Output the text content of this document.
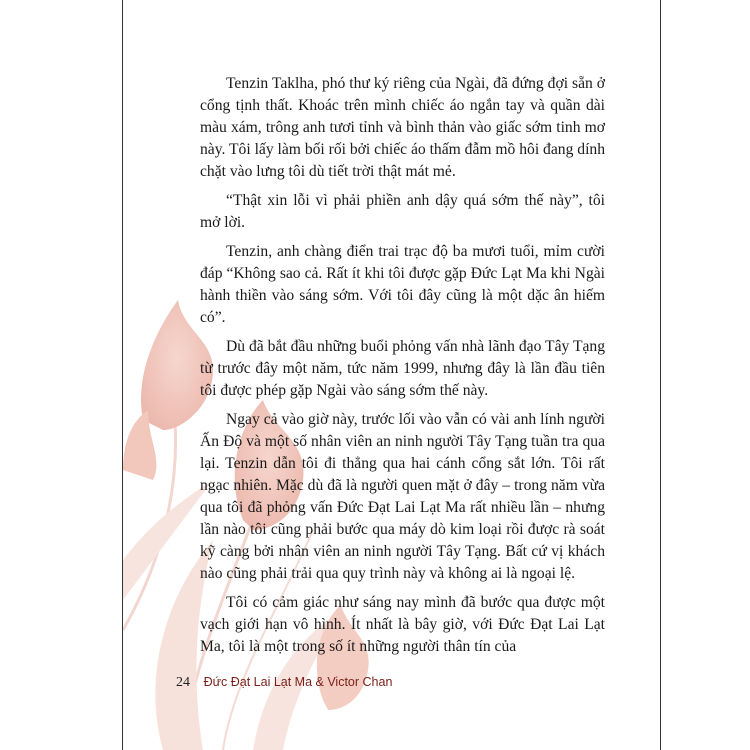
Tenzin Taklha, phó thư ký riêng của Ngài, đã đứng đợi sẵn ở cổng tịnh thất. Khoác trên mình chiếc áo ngắn tay và quần dài màu xám, trông anh tươi tỉnh và bình thản vào giấc sớm tinh mơ này. Tôi lấy làm bối rối bởi chiếc áo thấm đẫm mồ hôi đang dính chặt vào lưng tôi dù tiết trời thật mát mẻ.

“Thật xin lỗi vì phải phiền anh dậy quá sớm thế này”, tôi mở lời.

Tenzin, anh chàng điển trai trạc độ ba mươi tuổi, mỉm cười đáp “Không sao cả. Rất ít khi tôi được gặp Đức Lạt Ma khi Ngài hành thiền vào sáng sớm. Với tôi đây cũng là một dặc ân hiếm có”.

Dù đã bắt đầu những buổi phỏng vấn nhà lãnh đạo Tây Tạng từ trước đây một năm, tức năm 1999, nhưng đây là lần đầu tiên tôi được phép gặp Ngài vào sáng sớm thế này.

Ngay cả vào giờ này, trước lối vào vẫn có vài anh lính người Ấn Độ và một số nhân viên an ninh người Tây Tạng tuần tra qua lại. Tenzin dẫn tôi đi thẳng qua hai cánh cổng sắt lớn. Tôi rất ngạc nhiên. Mặc dù đã là người quen mặt ở đây – trong năm vừa qua tôi đã phỏng vấn Đức Đạt Lai Lạt Ma rất nhiều lần – nhưng lần nào tôi cũng phải bước qua máy dò kim loại rồi được rà soát kỹ càng bởi nhân viên an ninh người Tây Tạng. Bất cứ vị khách nào cũng phải trải qua quy trình này và không ai là ngoại lệ.

Tôi có cảm giác như sáng nay mình đã bước qua được một vạch giới hạn vô hình. Ít nhất là bây giờ, với Đức Đạt Lai Lạt Ma, tôi là một trong số ít những người thân tín của

24 Đức Đạt Lai Lạt Ma & Victor Chan
